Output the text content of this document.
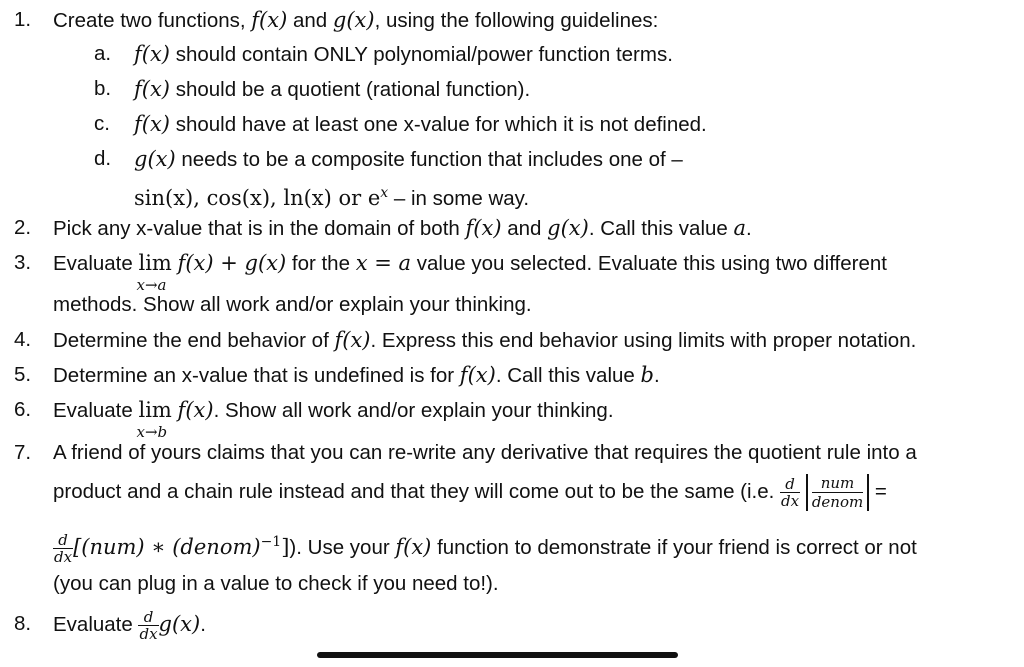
1. Create two functions, f(x) and g(x), using the following guidelines:
a. f(x) should contain ONLY polynomial/power function terms.
b. f(x) should be a quotient (rational function).
c. f(x) should have at least one x-value for which it is not defined.
d. g(x) needs to be a composite function that includes one of –
sin(x), cos(x), ln(x) or $e^x$ – in some way.
2. Pick any x-value that is in the domain of both f(x) and g(x). Call this value a.
3. Evaluate lim
x→a
f(x) + g(x) for the x = a value you selected. Evaluate this using two different
methods. Show all work and/or explain your thinking.
4. Determine the end behavior of f(x). Express this end behavior using limits with proper notation.
5. Determine an x-value that is undefined is for f(x). Call this value b.
6. Evaluate lim
x→b
f(x). Show all work and/or explain your thinking.
7. A friend of yours claims that you can re-write any derivative that requires the quotient rule into a
product and a chain rule instead and that they will come out to be the same (i.e. $\frac{d}{dx}$
$\frac{\text{num}}{\text{denom}}$ =
$\frac{d}{dx} [(num)$ ∗ (denom)$^{-1}$]). Use your f(x) function to demonstrate if your friend is correct or not
(you can plug in a value to check if you need to!).
8. Evaluate $\frac{d}{dx} g(x)$.
